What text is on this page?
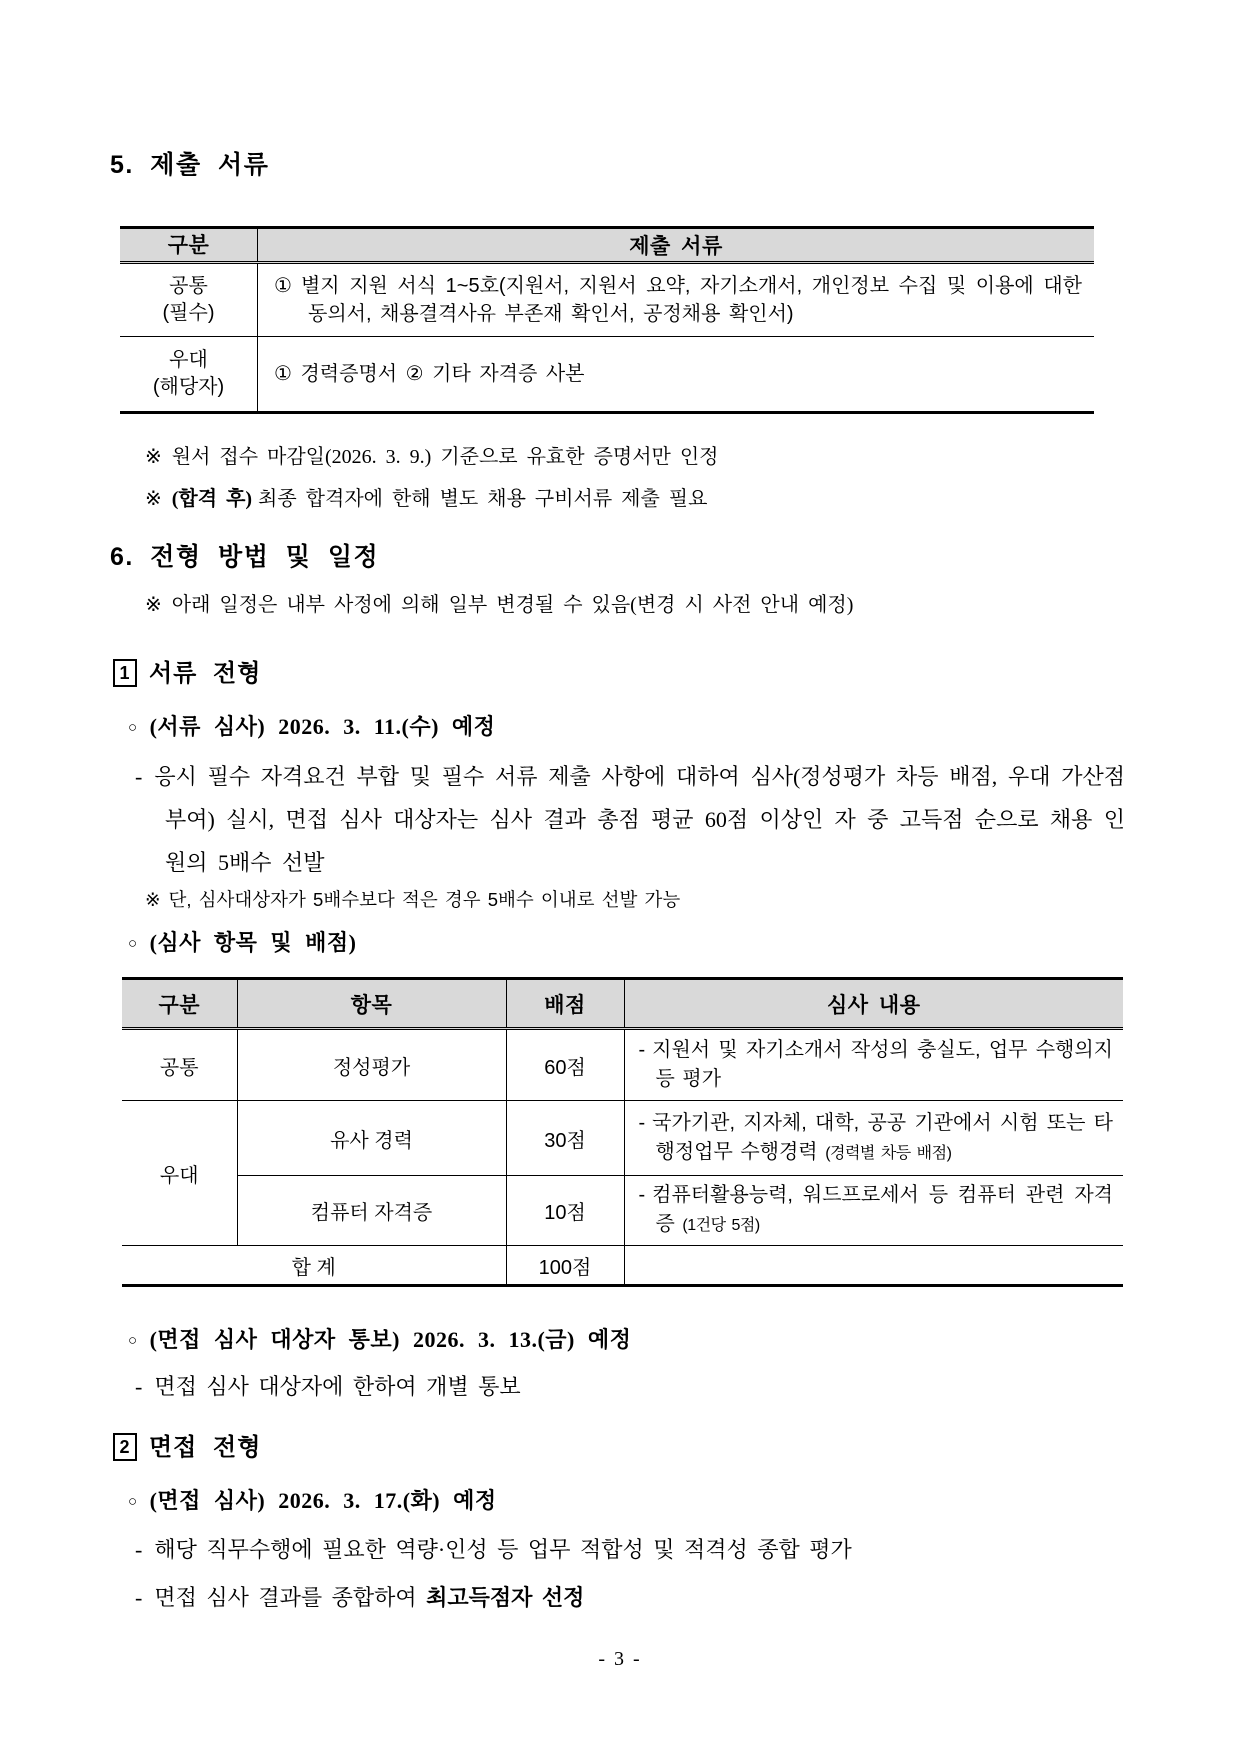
5. 제출 서류
구분	제출 서류

공통
(필수)	① 별지 지원 서식 1~5호(지원서, 지원서 요약, 자기소개서, 개인정보 수집 및 이용에 대한 동의서, 채용결격사유 부존재 확인서, 공정채용 확인서)

우대
(해당자)	① 경력증명서 ② 기타 자격증 사본
※ 원서 접수 마감일(2026. 3. 9.) 기준으로 유효한 증명서만 인정
※ (합격 후) 최종 합격자에 한해 별도 채용 구비서류 제출 필요
6. 전형 방법 및 일정
※ 아래 일정은 내부 사정에 의해 일부 변경될 수 있음(변경 시 사전 안내 예정)
1 서류 전형
○ (서류 심사) 2026. 3. 11.(수) 예정
- 응시 필수 자격요건 부합 및 필수 서류 제출 사항에 대하여 심사(정성평가 차등 배점, 우대 가산점 부여) 실시, 면접 심사 대상자는 심사 결과 총점 평균 60점 이상인 자 중 고득점 순으로 채용 인원의 5배수 선발
※ 단, 심사대상자가 5배수보다 적은 경우 5배수 이내로 선발 가능
○ (심사 항목 및 배점)
구분	항목	배점	심사 내용
공통	정성평가	60점	- 지원서 및 자기소개서 작성의 충실도, 업무 수행의지 등 평가

우대	유사 경력	30점	- 국가기관, 지자체, 대학, 공공 기관에서 시험 또는 타 행정업무 수행경력 (경력별 차등 배점)

	컴퓨터 자격증	10점	- 컴퓨터활용능력, 워드프로세서 등 컴퓨터 관련 자격증 (1건당 5점)

합 계		100점	
○ (면접 심사 대상자 통보) 2026. 3. 13.(금) 예정
- 면접 심사 대상자에 한하여 개별 통보
2 면접 전형
○ (면접 심사) 2026. 3. 17.(화) 예정
- 해당 직무수행에 필요한 역량·인성 등 업무 적합성 및 적격성 종합 평가
- 면접 심사 결과를 종합하여 최고득점자 선정
- 3 -
